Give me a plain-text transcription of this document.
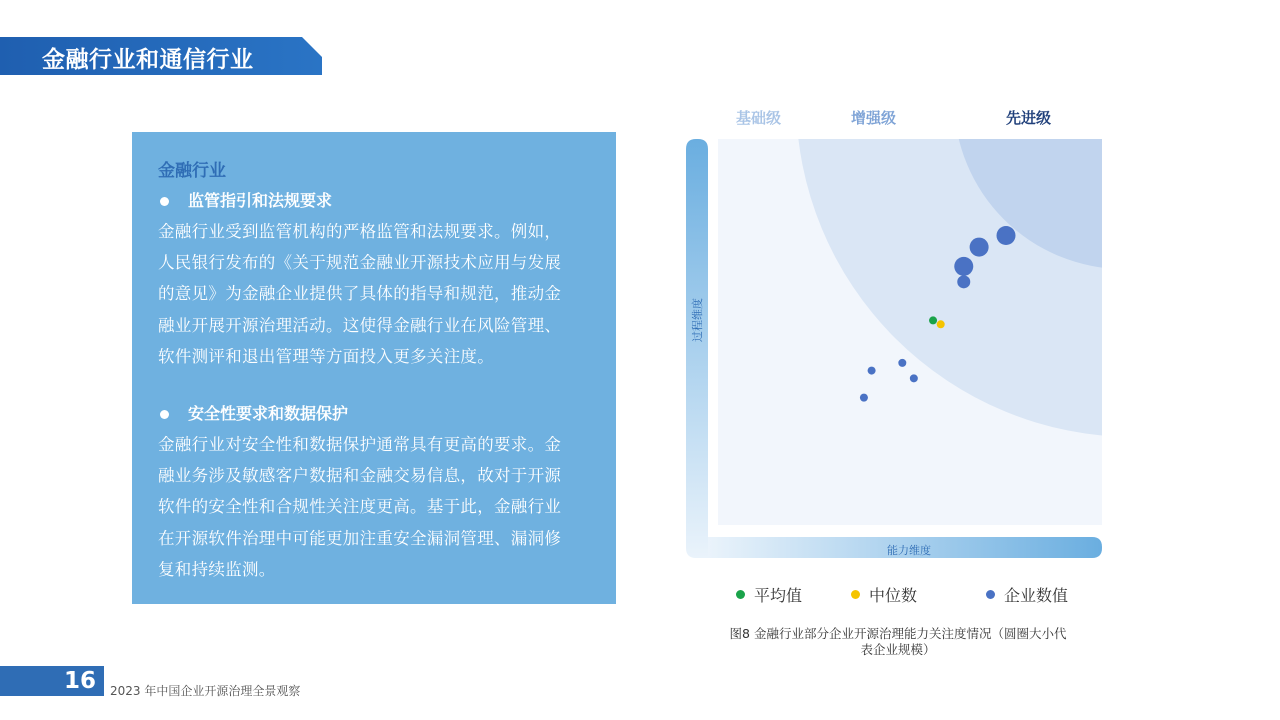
金融行业和通信行业
金融行业
监管指引和法规要求
金融行业受到监管机构的严格监管和法规要求。例如，
人民银行发布的《关于规范金融业开源技术应用与发展
的意见》为金融企业提供了具体的指导和规范，推动金
融业开展开源治理活动。这使得金融行业在风险管理、
软件测评和退出管理等方面投入更多关注度。
安全性要求和数据保护
金融行业对安全性和数据保护通常具有更高的要求。金
融业务涉及敏感客户数据和金融交易信息，故对于开源
软件的安全性和合规性关注度更高。基于此，金融行业
在开源软件治理中可能更加注重安全漏洞管理、漏洞修
复和持续监测。
基础级	增强级	先进级
能力维度
过程维度
平均值	中位数	企业数值
图8 金融行业部分企业开源治理能力关注度情况（圆圈大小代
表企业规模）
16 2023 年中国企业开源治理全景观察
